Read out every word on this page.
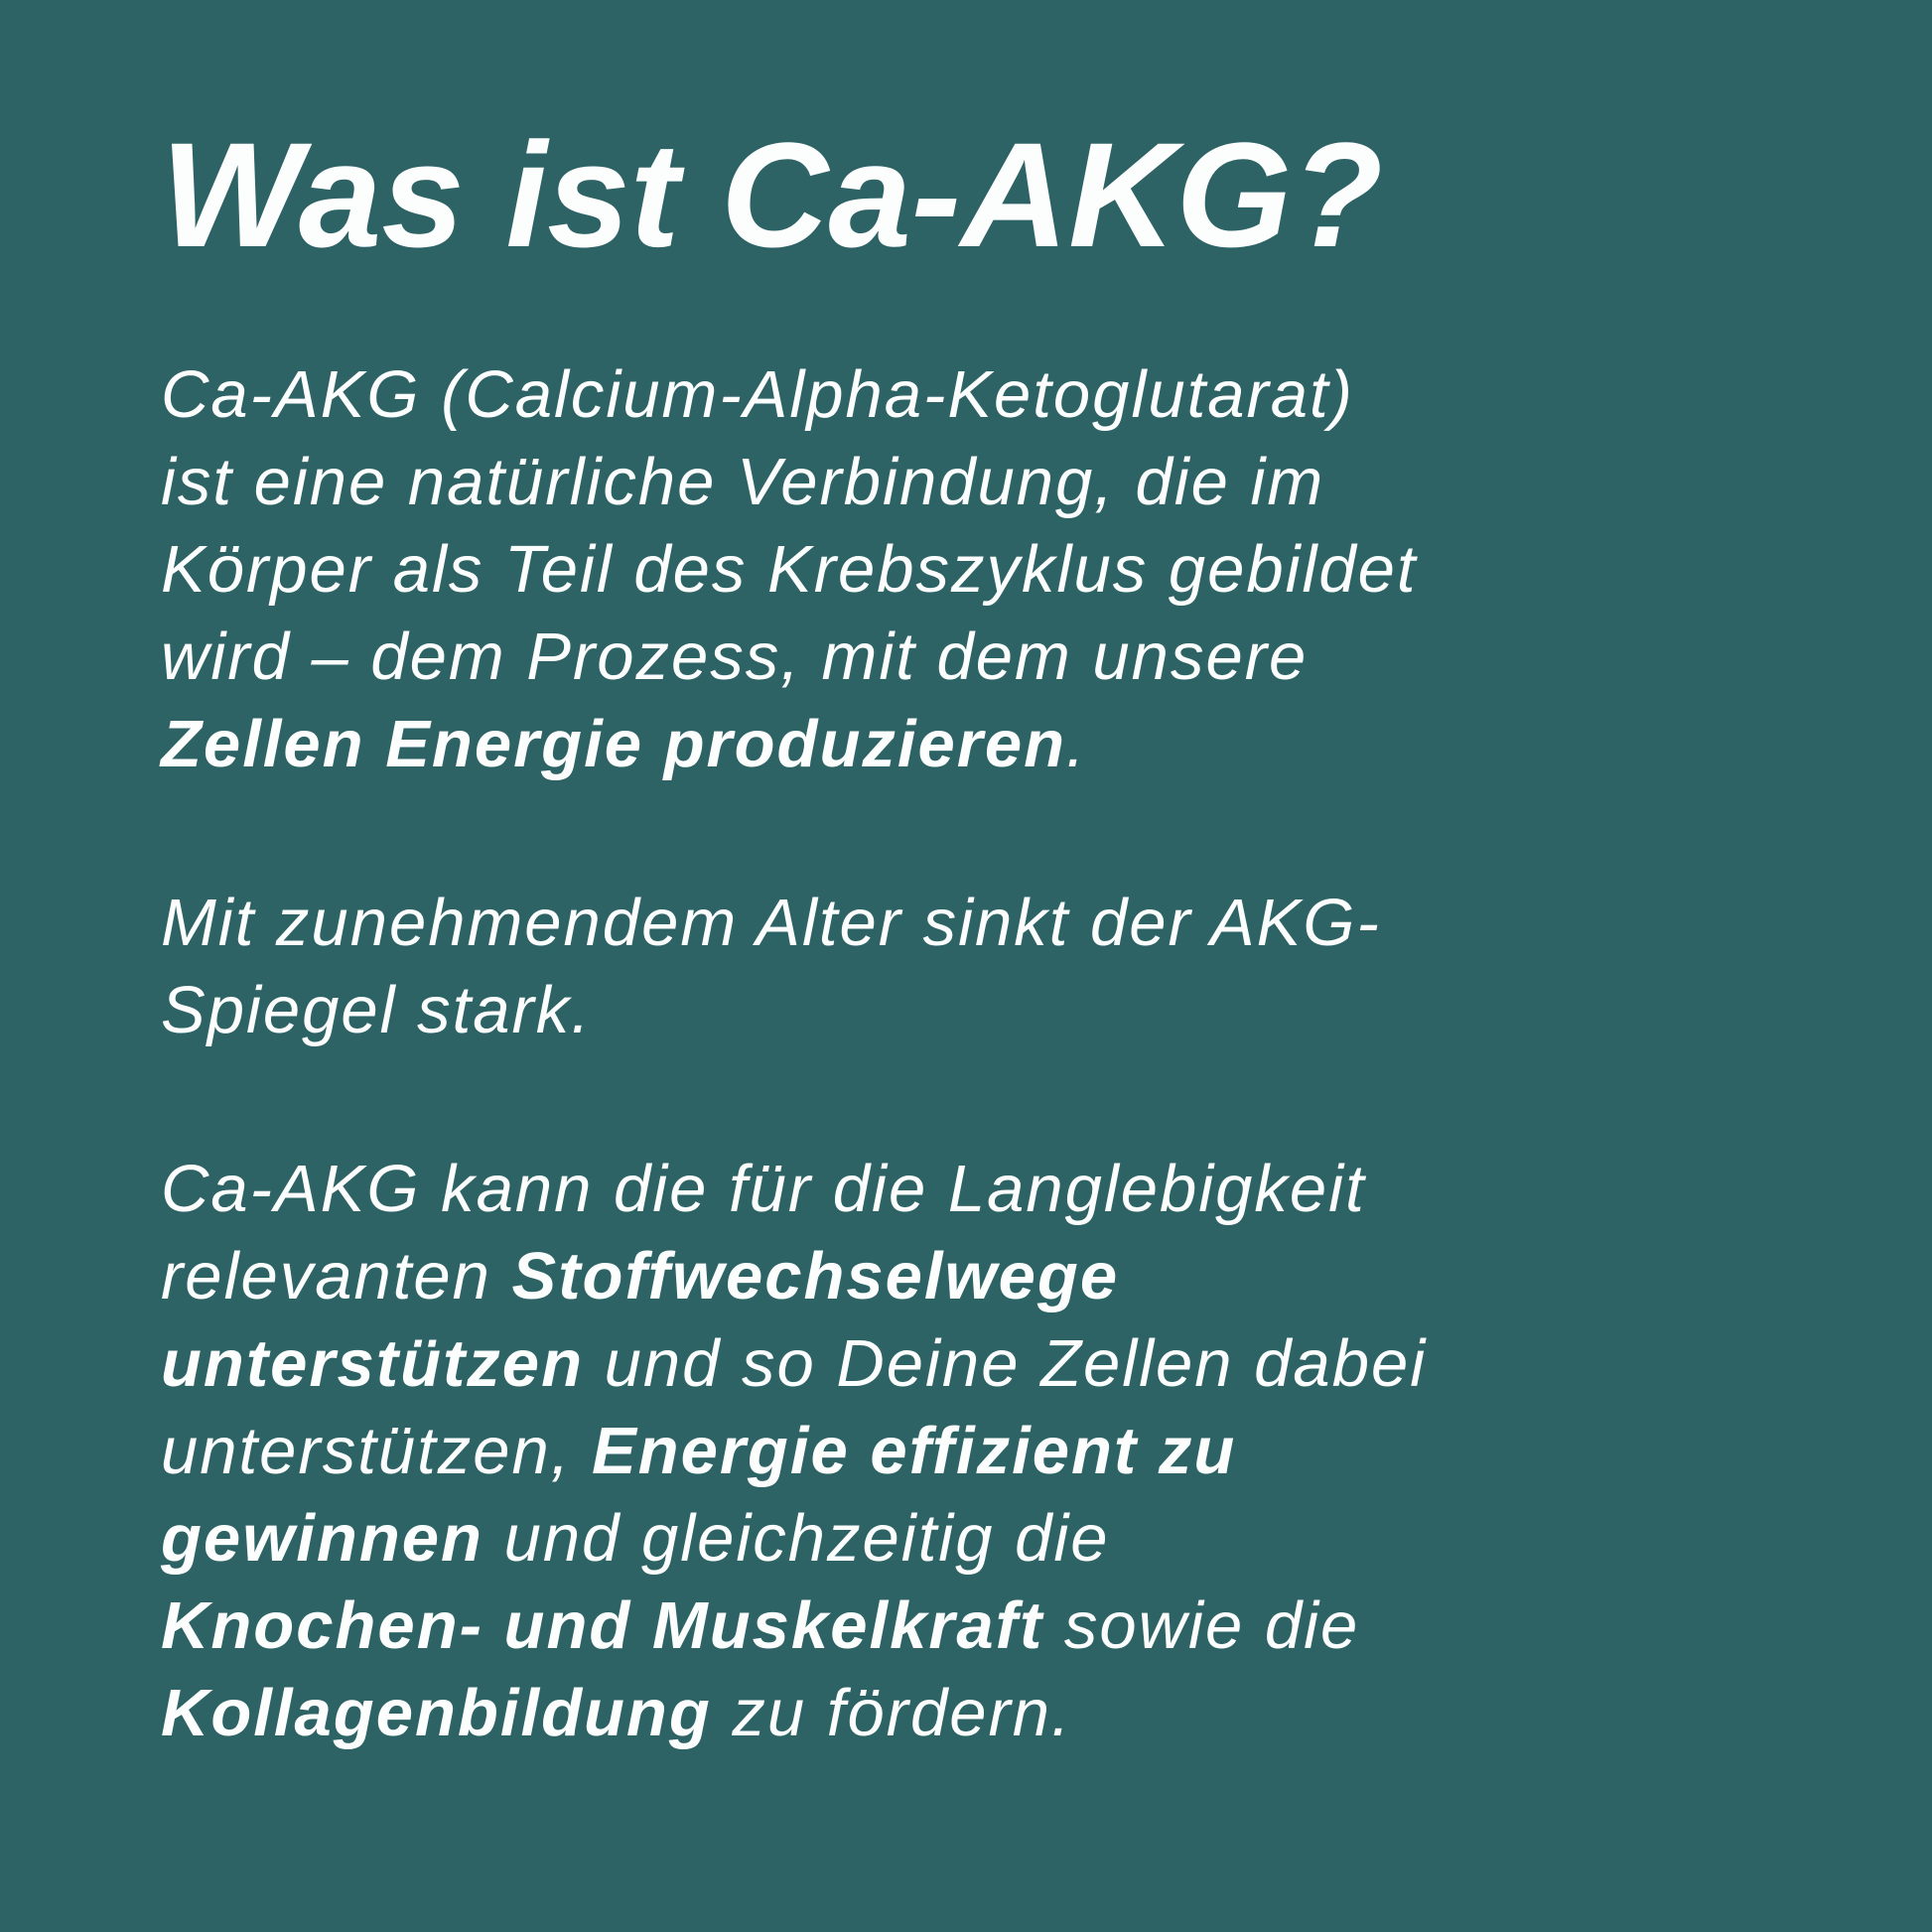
Was ist Ca-AKG?
Ca-AKG (Calcium-Alpha-Ketoglutarat)
ist eine natürliche Verbindung, die im
Körper als Teil des Krebszyklus gebildet
wird – dem Prozess, mit dem unsere
Zellen Energie produzieren.
Mit zunehmendem Alter sinkt der AKG-
Spiegel stark.
Ca-AKG kann die für die Langlebigkeit
relevanten Stoffwechselwege
unterstützen und so Deine Zellen dabei
unterstützen, Energie effizient zu
gewinnen und gleichzeitig die
Knochen- und Muskelkraft sowie die
Kollagenbildung zu fördern.
